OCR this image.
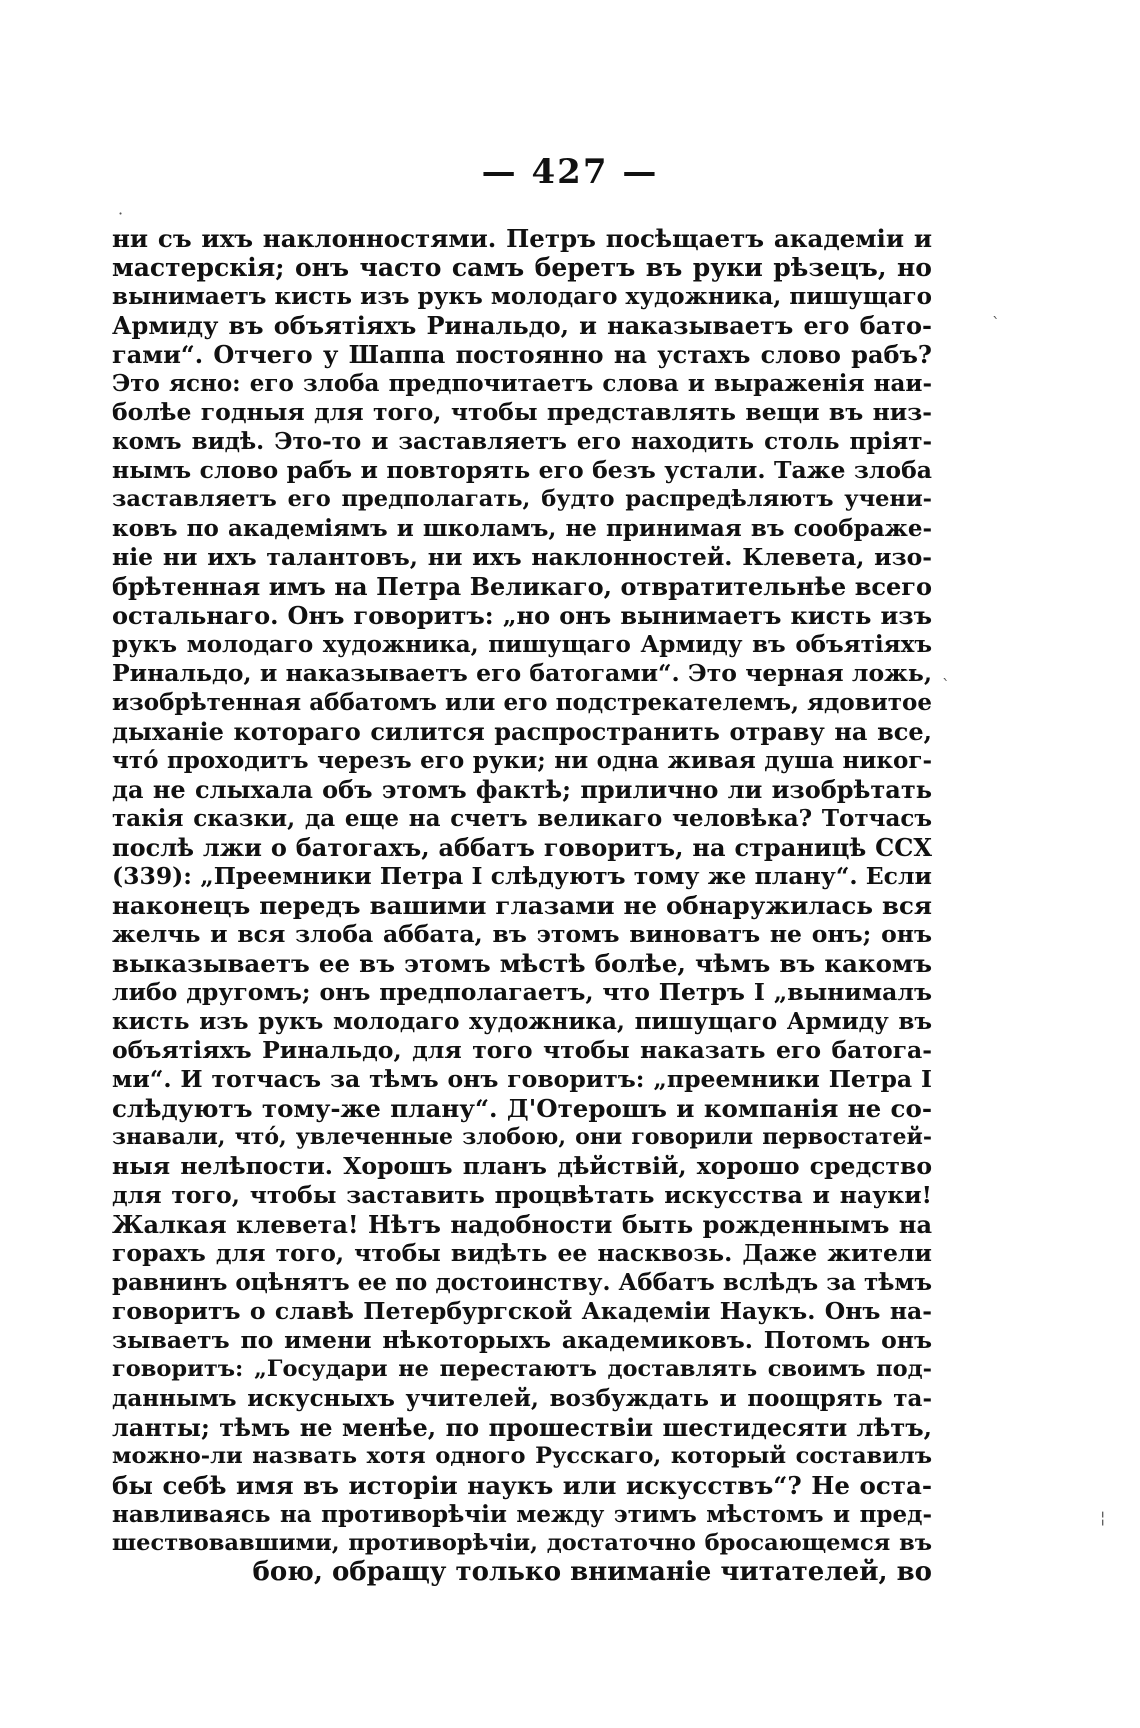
— 427 —
·
ˋ
ˋ
¦
ни съ ихъ наклонностями. Петръ посѣщаетъ академіи и
мастерскія; онъ часто самъ беретъ въ руки рѣзецъ, но
вынимаетъ кисть изъ рукъ молодаго художника, пишущаго
Армиду въ объятіяхъ Ринальдо, и наказываетъ его бато-
гами“. Отчего у Шаппа постоянно на устахъ слово рабъ?
Это ясно: его злоба предпочитаетъ слова и выраженія наи-
болѣе годныя для того, чтобы представлять вещи въ низ-
комъ видѣ. Это-то и заставляетъ его находить столь пріят-
нымъ слово рабъ и повторять его безъ устали. Таже злоба
заставляетъ его предполагать, будто распредѣляютъ учени-
ковъ по академіямъ и школамъ, не принимая въ соображе-
ніе ни ихъ талантовъ, ни ихъ наклонностей. Клевета, изо-
брѣтенная имъ на Петра Великаго, отвратительнѣе всего
остальнаго. Онъ говоритъ: „но онъ вынимаетъ кисть изъ
рукъ молодаго художника, пишущаго Армиду въ объятіяхъ
Ринальдо, и наказываетъ его батогами“. Это черная ложь,
изобрѣтенная аббатомъ или его подстрекателемъ, ядовитое
дыханіе котораго силится распространить отраву на все,
что́ проходитъ черезъ его руки; ни одна живая душа никог-
да не слыхала объ этомъ фактѣ; прилично ли изобрѣтать
такія сказки, да еще на счетъ великаго человѣка? Тотчасъ
послѣ лжи о батогахъ, аббатъ говоритъ, на страницѣ CCX
(339): „Преемники Петра I слѣдуютъ тому же плану“. Если
наконецъ передъ вашими глазами не обнаружилась вся
желчь и вся злоба аббата, въ этомъ виноватъ не онъ; онъ
выказываетъ ее въ этомъ мѣстѣ болѣе, чѣмъ въ какомъ
либо другомъ; онъ предполагаетъ, что Петръ I „вынималъ
кисть изъ рукъ молодаго художника, пишущаго Армиду въ
объятіяхъ Ринальдо, для того чтобы наказать его батога-
ми“. И тотчасъ за тѣмъ онъ говоритъ: „преемники Петра I
слѣдуютъ тому-же плану“. Д'Отерошъ и компанія не со-
знавали, что́, увлеченные злобою, они говорили первостатей-
ныя нелѣпости. Хорошъ планъ дѣйствій, хорошо средство
для того, чтобы заставить процвѣтать искусства и науки!
Жалкая клевета! Нѣтъ надобности быть рожденнымъ на
горахъ для того, чтобы видѣть ее насквозь. Даже жители
равнинъ оцѣнятъ ее по достоинству. Аббатъ вслѣдъ за тѣмъ
говоритъ о славѣ Петербургской Академіи Наукъ. Онъ на-
зываетъ по имени нѣкоторыхъ академиковъ. Потомъ онъ
говоритъ: „Государи не перестаютъ доставлять своимъ под-
даннымъ искусныхъ учителей, возбуждать и поощрять та-
ланты; тѣмъ не менѣе, по прошествіи шестидесяти лѣтъ,
можно-ли назвать хотя одного Русскаго, который составилъ
бы себѣ имя въ исторіи наукъ или искусствъ“? Не оста-
навливаясь на противорѣчіи между этимъ мѣстомъ и пред-
шествовавшими, противорѣчіи, достаточно бросающемся въ
бою, обращу только вниманіе читателей, во
